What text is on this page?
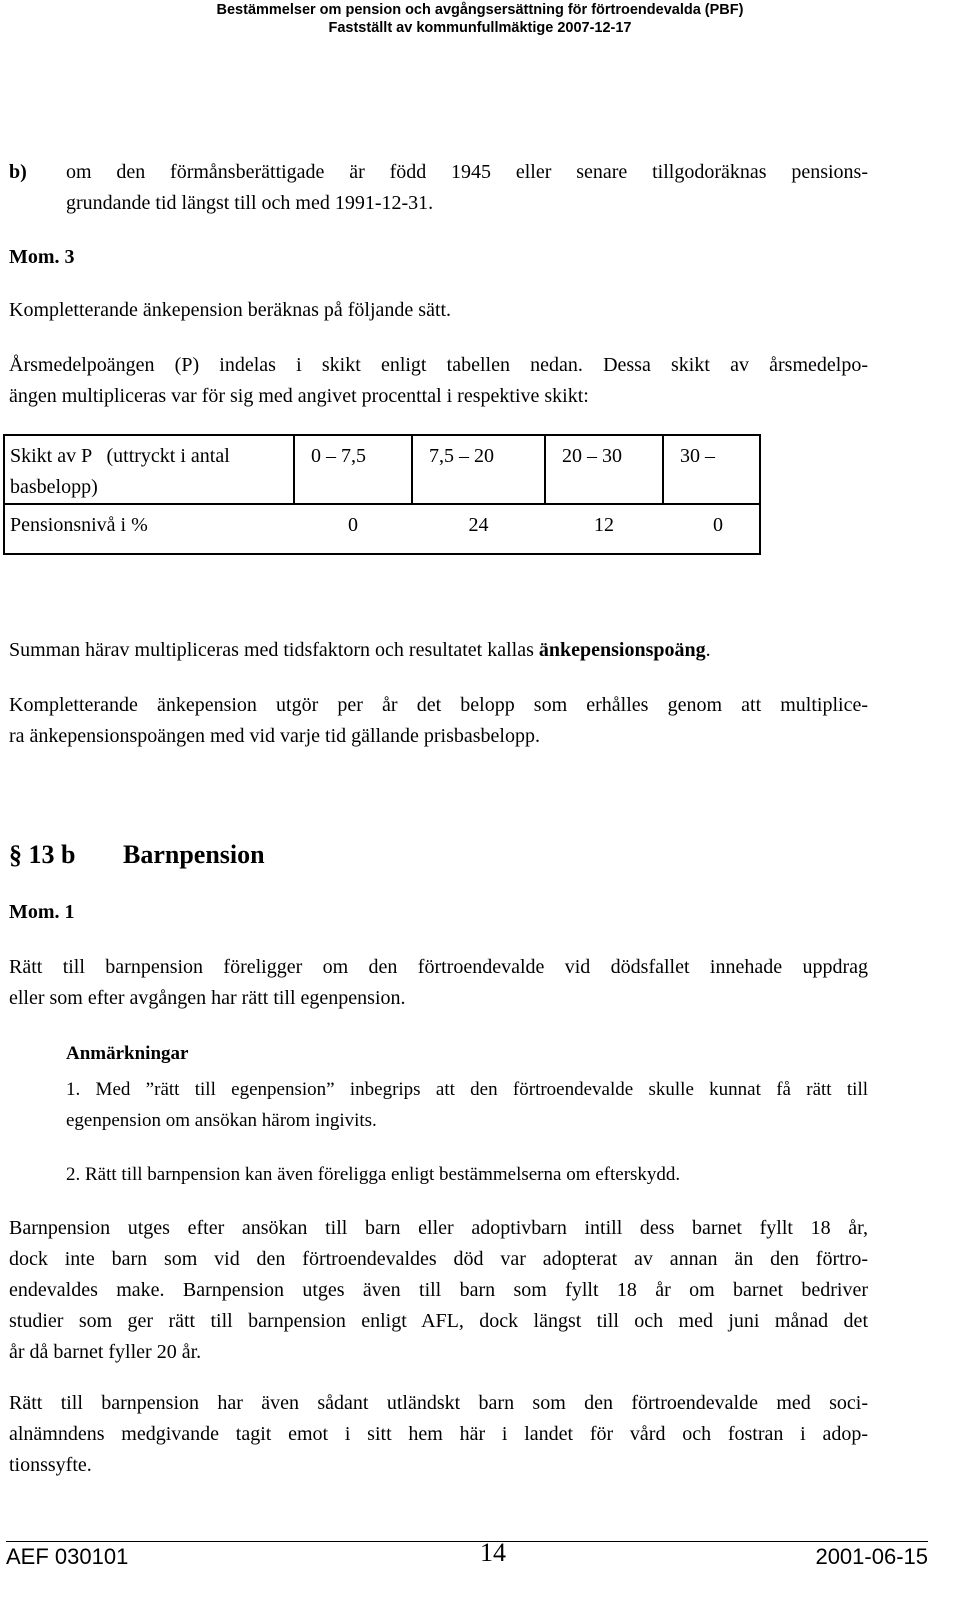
Bestämmelser om pension och avgångsersättning för förtroendevalda (PBF)
Fastställt av kommunfullmäktige 2007-12-17
b) om den förmånsberättigade är född 1945 eller senare tillgodoräknas pensions-
grundande tid längst till och med 1991-12-31.
Mom. 3
Kompletterande änkepension beräknas på följande sätt.
Årsmedelpoängen (P) indelas i skikt enligt tabellen nedan. Dessa skikt av årsmedelpo-
ängen multipliceras var för sig med angivet procenttal i respektive skikt:
Skikt av P   (uttryckt i antal
basbelopp)	0 – 7,5	7,5 – 20	20 – 30	30 –
Pensionsnivå i %	0	24	12	0
Summan härav multipliceras med tidsfaktorn och resultatet kallas änkepensionspoäng.
Kompletterande änkepension utgör per år det belopp som erhålles genom att multiplice-
ra änkepensionspoängen med vid varje tid gällande prisbasbelopp.
§ 13 b Barnpension
Mom. 1
Rätt till barnpension föreligger om den förtroendevalde vid dödsfallet innehade uppdrag
eller som efter avgången har rätt till egenpension.
Anmärkningar
1. Med ”rätt till egenpension” inbegrips att den förtroendevalde skulle kunnat få rätt till
egenpension om ansökan härom ingivits.
2. Rätt till barnpension kan även föreligga enligt bestämmelserna om efterskydd.
Barnpension utges efter ansökan till barn eller adoptivbarn intill dess barnet fyllt 18 år,
dock inte barn som vid den förtroendevaldes död var adopterat av annan än den förtro-
endevaldes make. Barnpension utges även till barn som fyllt 18 år om barnet bedriver
studier som ger rätt till barnpension enligt AFL, dock längst till och med juni månad det
år då barnet fyller 20 år.
Rätt till barnpension har även sådant utländskt barn som den förtroendevalde med soci-
alnämndens medgivande tagit emot i sitt hem här i landet för vård och fostran i adop-
tionssyfte.
AEF 030101	14	2001-06-15
